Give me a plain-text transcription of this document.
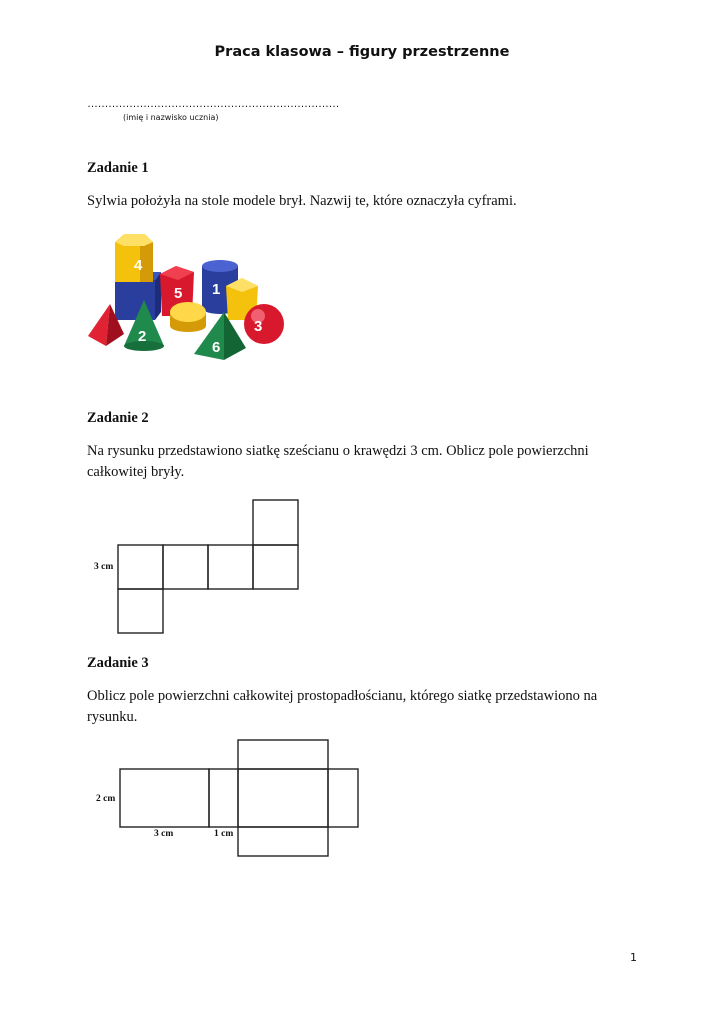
Praca klasowa – figury przestrzenne
………………………………………………………………
(imię i nazwisko ucznia)
Zadanie 1
Sylwia położyła na stole modele brył. Nazwij te, które oznaczyła cyframi.
4
5 1
2
6
3
Zadanie 2
Na rysunku przedstawiono siatkę sześcianu o krawędzi 3 cm. Oblicz pole powierzchni całkowitej bryły.
3 cm
Zadanie 3
Oblicz pole powierzchni całkowitej prostopadłościanu, którego siatkę przedstawiono na rysunku.
2 cm
3 cm	1 cm
1
